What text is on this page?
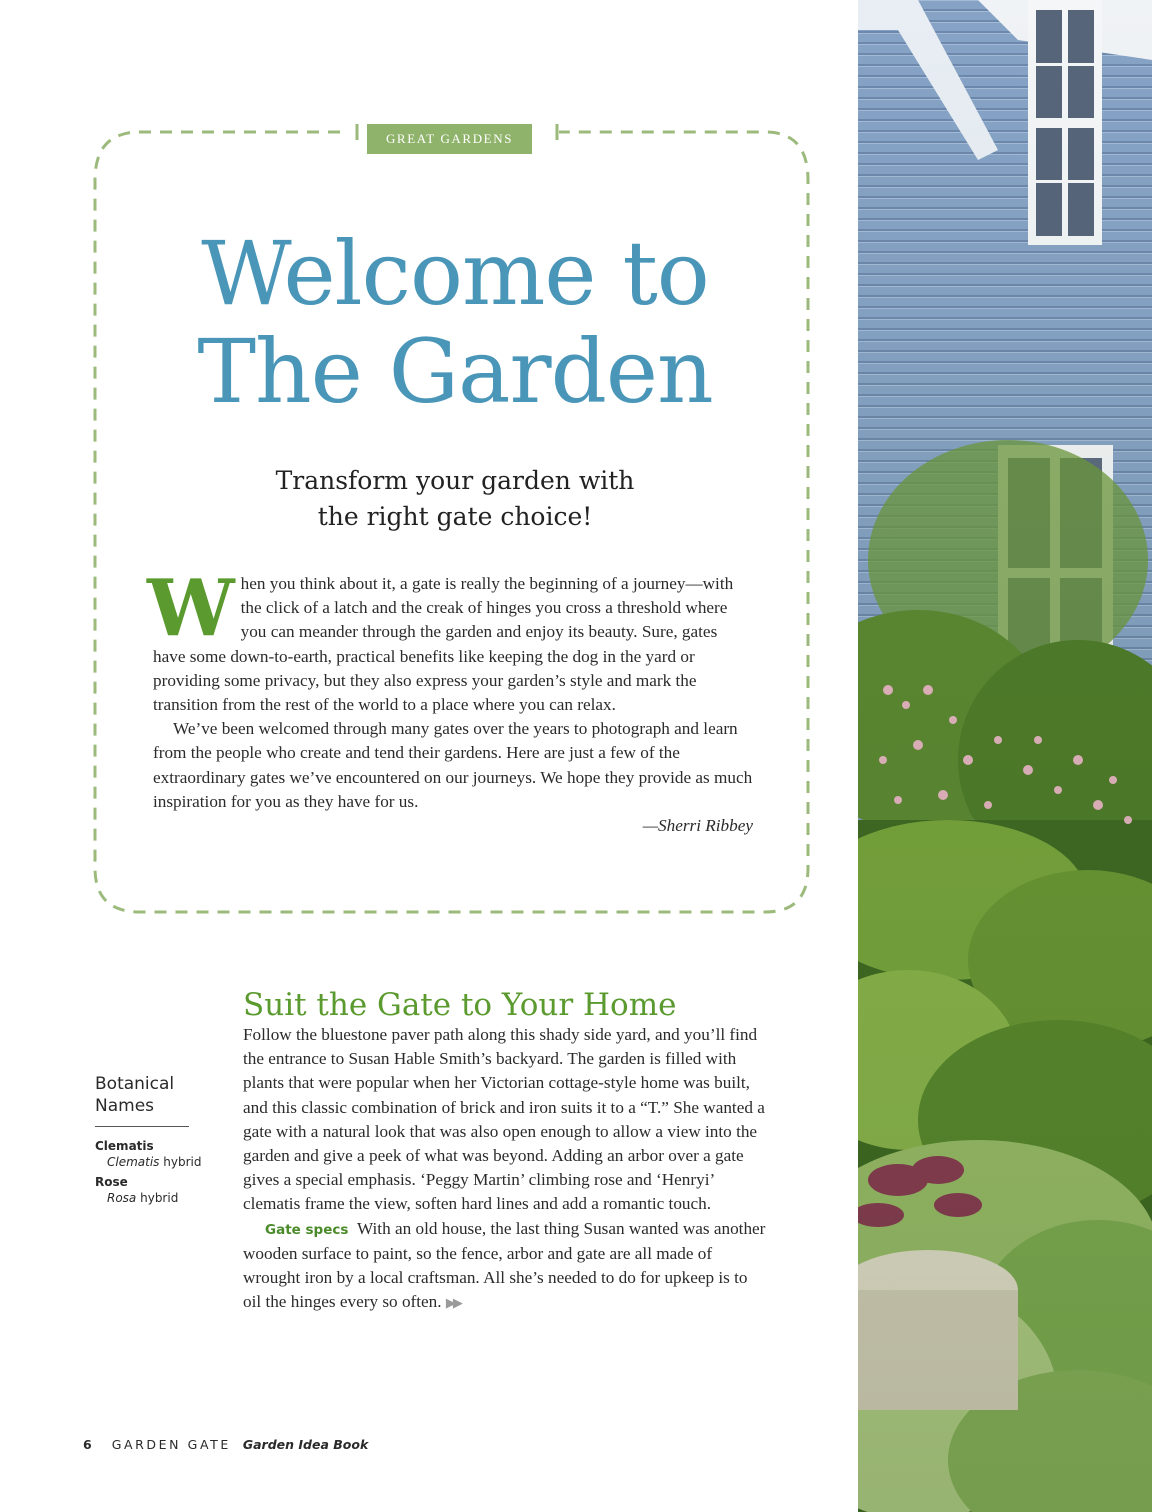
GREAT GARDENS
Welcome to
The Garden
Transform your garden with
the right gate choice!

When you think about it, a gate is really the beginning of a journey—with the click of a latch and the creak of hinges you cross a threshold where you can meander through the garden and enjoy its beauty. Sure, gates have some down-to-earth, practical benefits like keeping the dog in the yard or providing some privacy, but they also express your garden’s style and mark the transition from the rest of the world to a place where you can relax.

We’ve been welcomed through many gates over the years to photograph and learn from the people who create and tend their gardens. Here are just a few of the extraordinary gates we’ve encountered on our journeys. We hope they provide as much inspiration for you as they have for us.

—Sherri Ribbey

Botanical
Names
Clematis
Clematis hybrid
Rose
Rosa hybrid
Suit the Gate to Your Home

Follow the bluestone paver path along this shady side yard, and you’ll find the entrance to Susan Hable Smith’s backyard. The garden is filled with plants that were popular when her Victorian cottage-style home was built, and this classic combination of brick and iron suits it to a “T.” She wanted a gate with a natural look that was also open enough to allow a view into the garden and give a peek of what was beyond. Adding an arbor over a gate gives a special emphasis. ‘Peggy Martin’ climbing rose and ‘Henryi’ clematis frame the view, soften hard lines and add a romantic touch.

Gate specs With an old house, the last thing Susan wanted was another wooden surface to paint, so the fence, arbor and gate are all made of wrought iron by a local craftsman. All she’s needed to do for upkeep is to oil the hinges every so often. ▶▶

6 GARDEN GATE Garden Idea Book
